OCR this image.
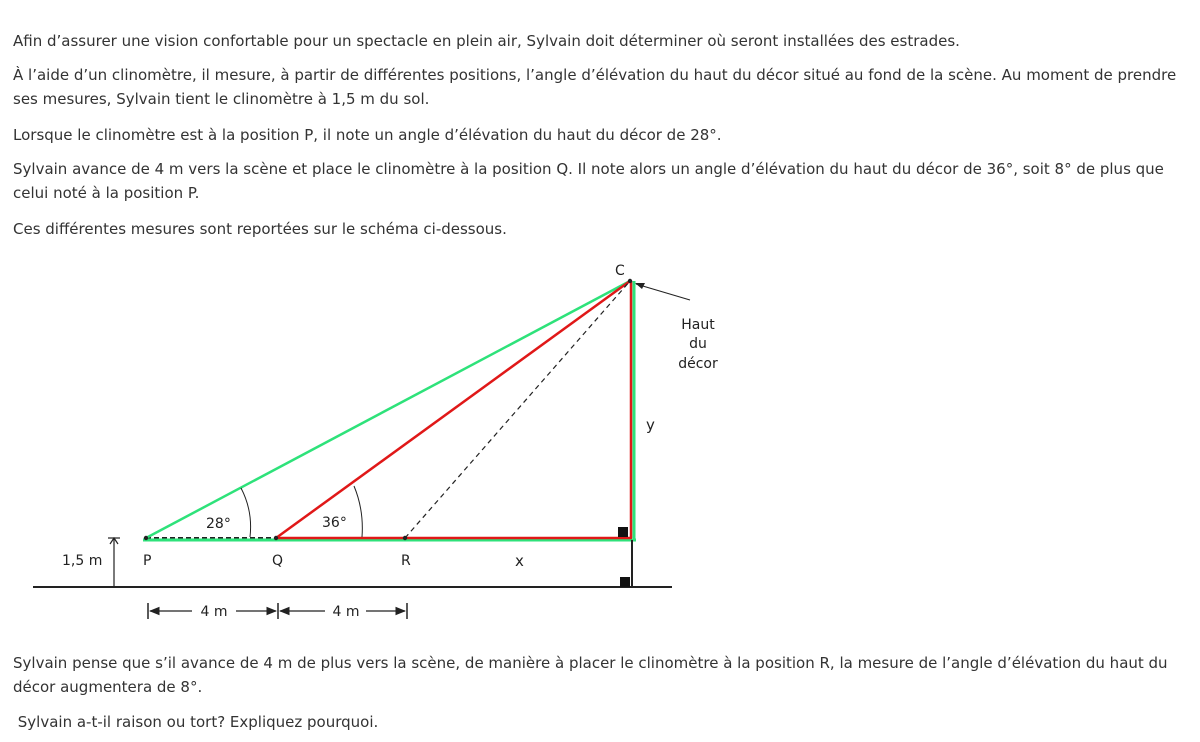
Afin d’assurer une vision confortable pour un spectacle en plein air, Sylvain doit déterminer où seront installées des estrades.

À l’aide d’un clinomètre, il mesure, à partir de différentes positions, l’angle d’élévation du haut du décor situé au fond de la scène. Au moment de prendre ses mesures, Sylvain tient le clinomètre à 1,5 m du sol.

Lorsque le clinomètre est à la position P, il note un angle d’élévation du haut du décor de 28°.

Sylvain avance de 4 m vers la scène et place le clinomètre à la position Q. Il note alors un angle d’élévation du haut du décor de 36°, soit 8° de plus que celui noté à la position P.

Ces différentes mesures sont reportées sur le schéma ci-dessous.

C
P	Q	R
28°	36°
1,5 m	x
y
Haut
du
décor
4 m	4 m

Sylvain pense que s’il avance de 4 m de plus vers la scène, de manière à placer le clinomètre à la position R, la mesure de l’angle d’élévation du haut du décor augmentera de 8°.

Sylvain a-t-il raison ou tort? Expliquez pourquoi.
